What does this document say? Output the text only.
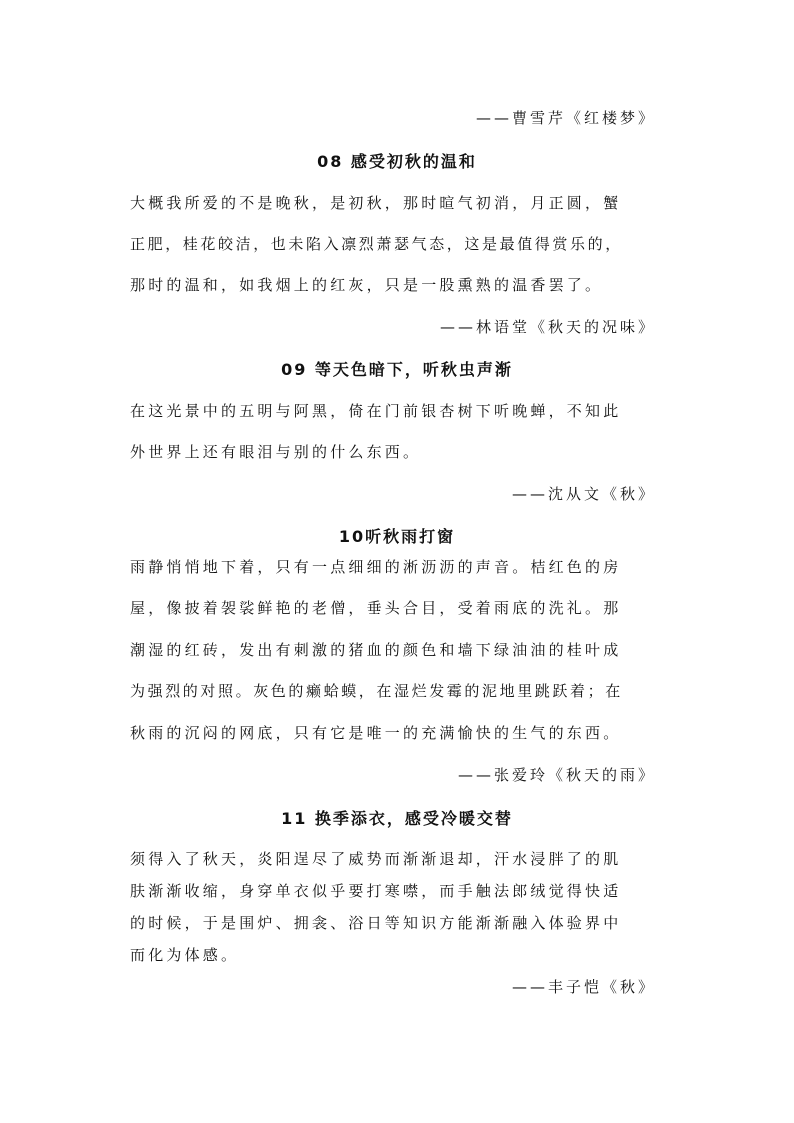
——曹雪芹《红楼梦》
08 感受初秋的温和
大概我所爱的不是晚秋，是初秋，那时暄气初消，月正圆，蟹
正肥，桂花皎洁，也未陷入凛烈萧瑟气态，这是最值得赏乐的，
那时的温和，如我烟上的红灰，只是一股熏熟的温香罢了。
——林语堂《秋天的况味》
09 等天色暗下，听秋虫声渐
在这光景中的五明与阿黑，倚在门前银杏树下听晚蝉，不知此
外世界上还有眼泪与别的什么东西。
——沈从文《秋》
10听秋雨打窗
雨静悄悄地下着，只有一点细细的淅沥沥的声音。桔红色的房
屋，像披着袈裟鲜艳的老僧，垂头合目，受着雨底的洗礼。那
潮湿的红砖，发出有刺激的猪血的颜色和墙下绿油油的桂叶成
为强烈的对照。灰色的癞蛤蟆，在湿烂发霉的泥地里跳跃着；在
秋雨的沉闷的网底，只有它是唯一的充满愉快的生气的东西。
——张爱玲《秋天的雨》
11 换季添衣，感受冷暖交替
须得入了秋天，炎阳逞尽了威势而渐渐退却，汗水浸胖了的肌
肤渐渐收缩，身穿单衣似乎要打寒噤，而手触法郎绒觉得快适
的时候，于是围炉、拥衾、浴日等知识方能渐渐融入体验界中
而化为体感。
——丰子恺《秋》
